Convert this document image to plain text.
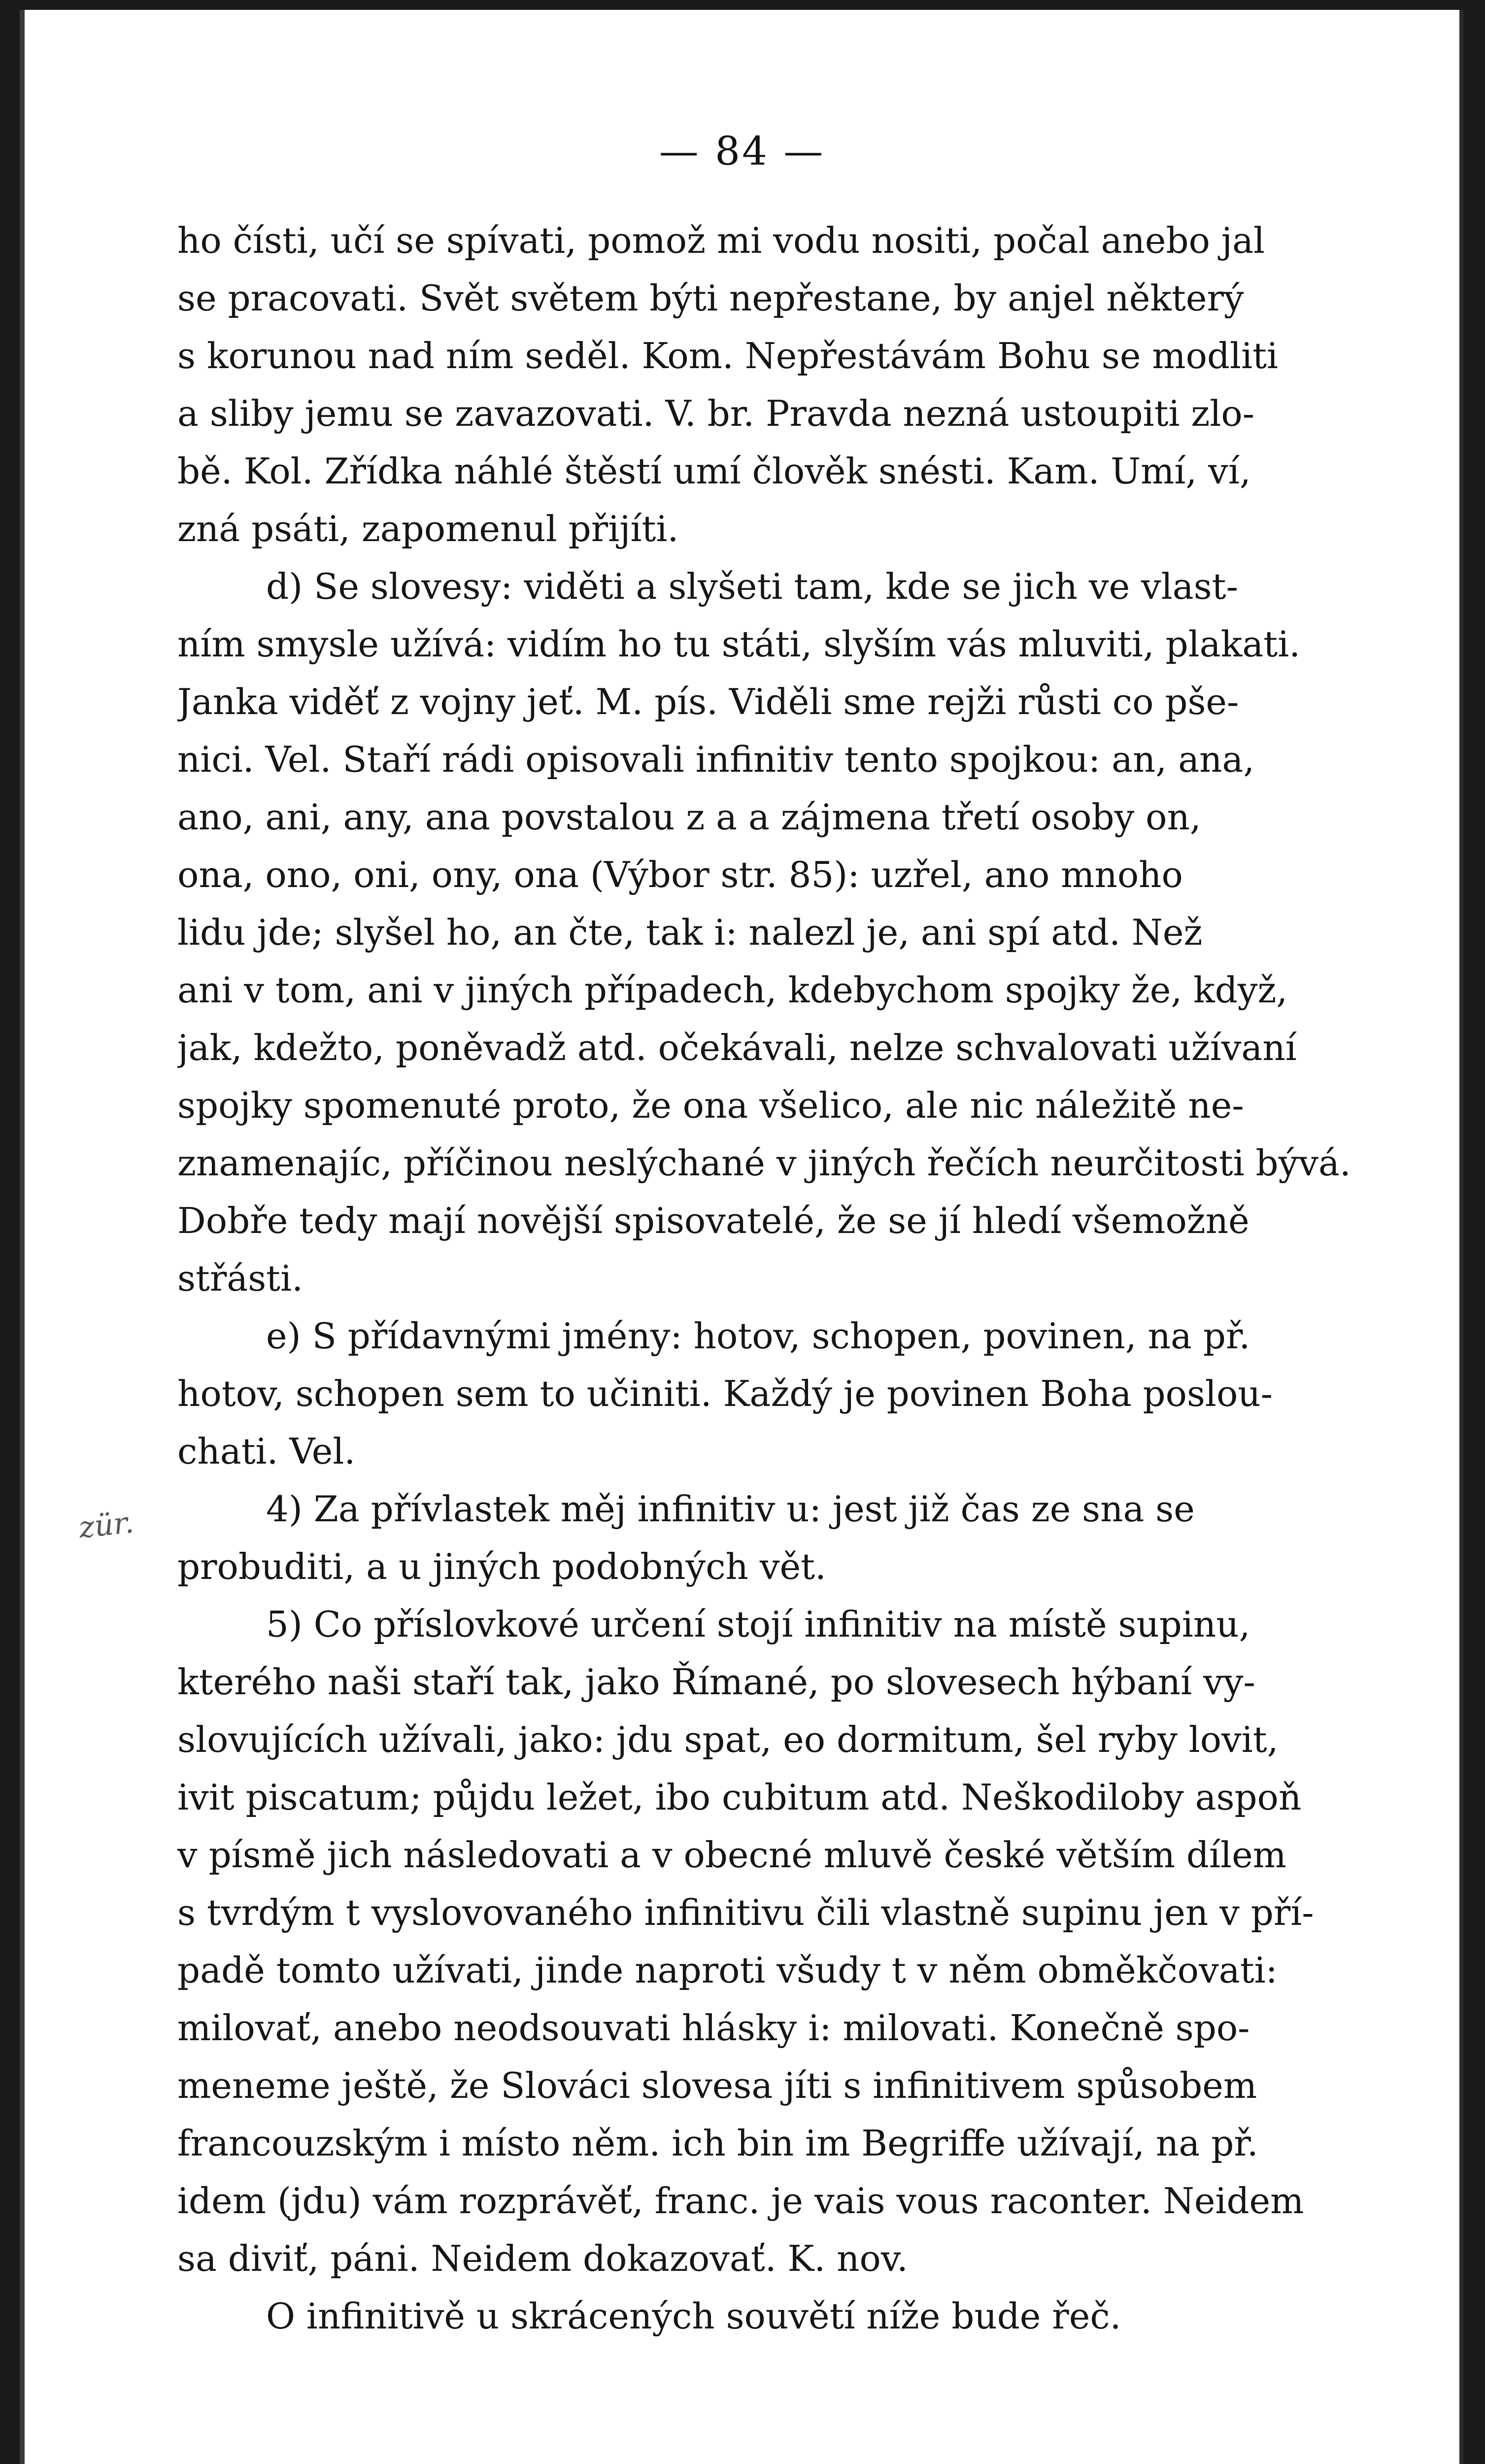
— 84 —
zür.
ho čísti, učí se spívati, pomož mi vodu nositi, počal anebo jal
se pracovati. Svět světem býti nepřestane, by anjel některý
s korunou nad ním seděl. Kom. Nepřestávám Bohu se modliti
a sliby jemu se zavazovati. V. br. Pravda nezná ustoupiti zlo-
bě. Kol. Zřídka náhlé štěstí umí člověk snésti. Kam. Umí, ví,
zná psáti, zapomenul přijíti.
d) Se slovesy: viděti a slyšeti tam, kde se jich ve vlast-
ním smysle užívá: vidím ho tu státi, slyším vás mluviti, plakati.
Janka viděť z vojny jeť. M. pís. Viděli sme rejži růsti co pše-
nici. Vel. Staří rádi opisovali infinitiv tento spojkou: an, ana,
ano, ani, any, ana povstalou z a a zájmena třetí osoby on,
ona, ono, oni, ony, ona (Výbor str. 85): uzřel, ano mnoho
lidu jde; slyšel ho, an čte, tak i: nalezl je, ani spí atd. Než
ani v tom, ani v jiných případech, kdebychom spojky že, když,
jak, kdežto, poněvadž atd. očekávali, nelze schvalovati užívaní
spojky spomenuté proto, že ona všelico, ale nic náležitě ne-
znamenajíc, příčinou neslýchané v jiných řečích neurčitosti bývá.
Dobře tedy mají novější spisovatelé, že se jí hledí všemožně
střásti.
e) S přídavnými jmény: hotov, schopen, povinen, na př.
hotov, schopen sem to učiniti. Každý je povinen Boha poslou-
chati. Vel.
4) Za přívlastek měj infinitiv u: jest již čas ze sna se
probuditi, a u jiných podobných vět.
5) Co příslovkové určení stojí infinitiv na místě supinu,
kterého naši staří tak, jako Římané, po slovesech hýbaní vy-
slovujících užívali, jako: jdu spat, eo dormitum, šel ryby lovit,
ivit piscatum; půjdu ležet, ibo cubitum atd. Neškodiloby aspoň
v písmě jich následovati a v obecné mluvě české větším dílem
s tvrdým t vyslovovaného infinitivu čili vlastně supinu jen v pří-
padě tomto užívati, jinde naproti všudy t v něm obměkčovati:
milovať, anebo neodsouvati hlásky i: milovati. Konečně spo-
meneme ještě, že Slováci slovesa jíti s infinitivem spůsobem
francouzským i místo něm. ich bin im Begriffe užívají, na př.
idem (jdu) vám rozprávěť, franc. je vais vous raconter. Neidem
sa diviť, páni. Neidem dokazovať. K. nov.
O infinitivě u skrácených souvětí níže bude řeč.
